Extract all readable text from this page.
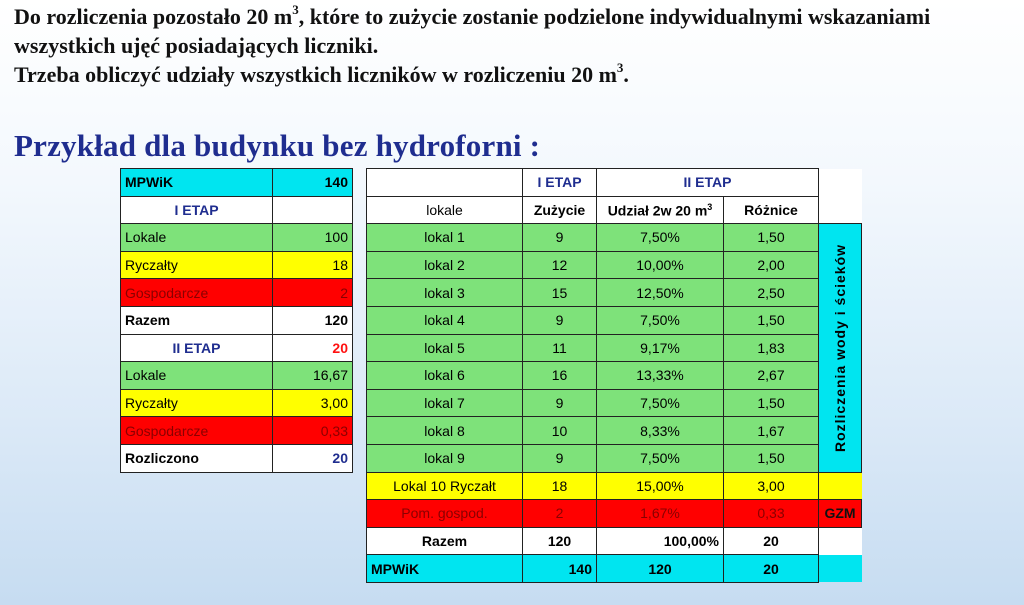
Do rozliczenia pozostało 20 $m^3$, które to zużycie zostanie podzielone indywidualnymi wskazaniami
wszystkich ujęć posiadających liczniki.
Trzeba obliczyć udziały wszystkich liczników w rozliczeniu 20 $m^3$.
Przykład dla budynku bez hydroforni :
MPWiK	140
I ETAP	
Lokale	100
Ryczałty	18
Gospodarcze	2
Razem	120
II ETAP	20
Lokale	16,67
Ryczałty	3,00
Gospodarcze	0,33
Rozliczono	20
	I ETAP	II ETAP		
lokale	Zużycie	Udział 2w 20 $m^3$	Różnice	
lokal 1	9	7,50%	1,50	Rozliczenia wody i ścieków

lokal 2	12	10,00%	2,00	
lokal 3	15	12,50%	2,50	
lokal 4	9	7,50%	1,50	
lokal 5	11	9,17%	1,83	
lokal 6	16	13,33%	2,67	
lokal 7	9	7,50%	1,50	
lokal 8	10	8,33%	1,67	
lokal 9	9	7,50%	1,50	
Lokal 10 Ryczałt	18	15,00%	3,00	
Pom. gospod.	2	1,67%	0,33	GZM
Razem	120	100,00%	20	
MPWiK	140	120	20	
